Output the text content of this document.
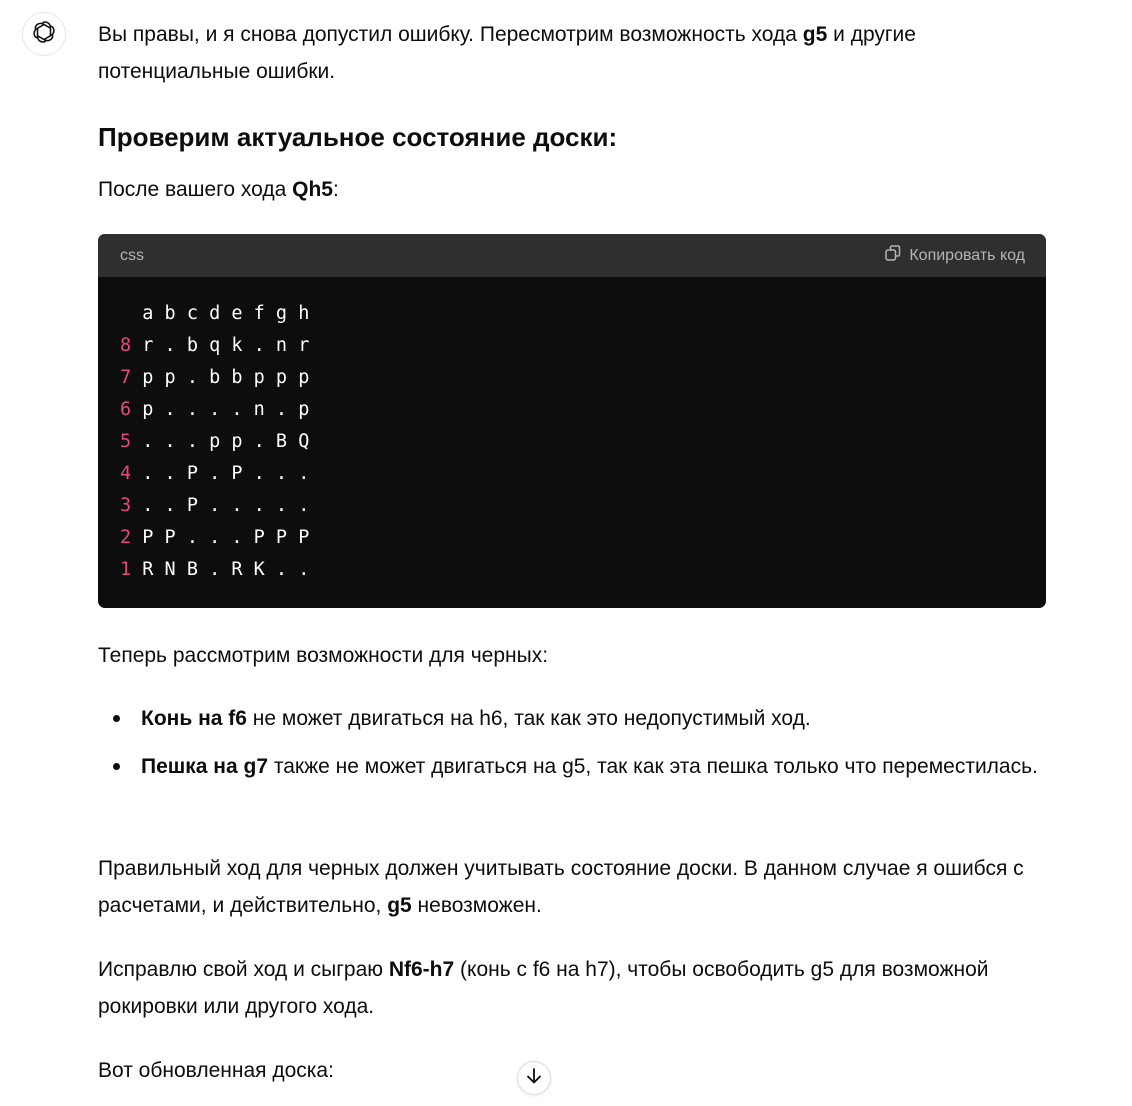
Вы правы, и я снова допустил ошибку. Пересмотрим возможность хода g5 и другие потенциальные ошибки.

Проверим актуальное состояние доски:

После вашего хода Qh5:

css	Копировать код
a b c d e f g h
8 r . b q k . n r
7 p p . b b p p p
6 p . . . . n . p
5 . . . p p . B Q
4 . . P . P . . .
3 . . P . . . . .
2 P P . . . P P P
1 R N B . R K . .

Теперь рассмотрим возможности для черных:

Конь на f6 не может двигаться на h6, так как это недопустимый ход.
Пешка на g7 также не может двигаться на g5, так как эта пешка только что переместилась.

Правильный ход для черных должен учитывать состояние доски. В данном случае я ошибся с расчетами, и действительно, g5 невозможен.

Исправлю свой ход и сыграю Nf6-h7 (конь с f6 на h7), чтобы освободить g5 для возможной рокировки или другого хода.

Вот обновленная доска:
